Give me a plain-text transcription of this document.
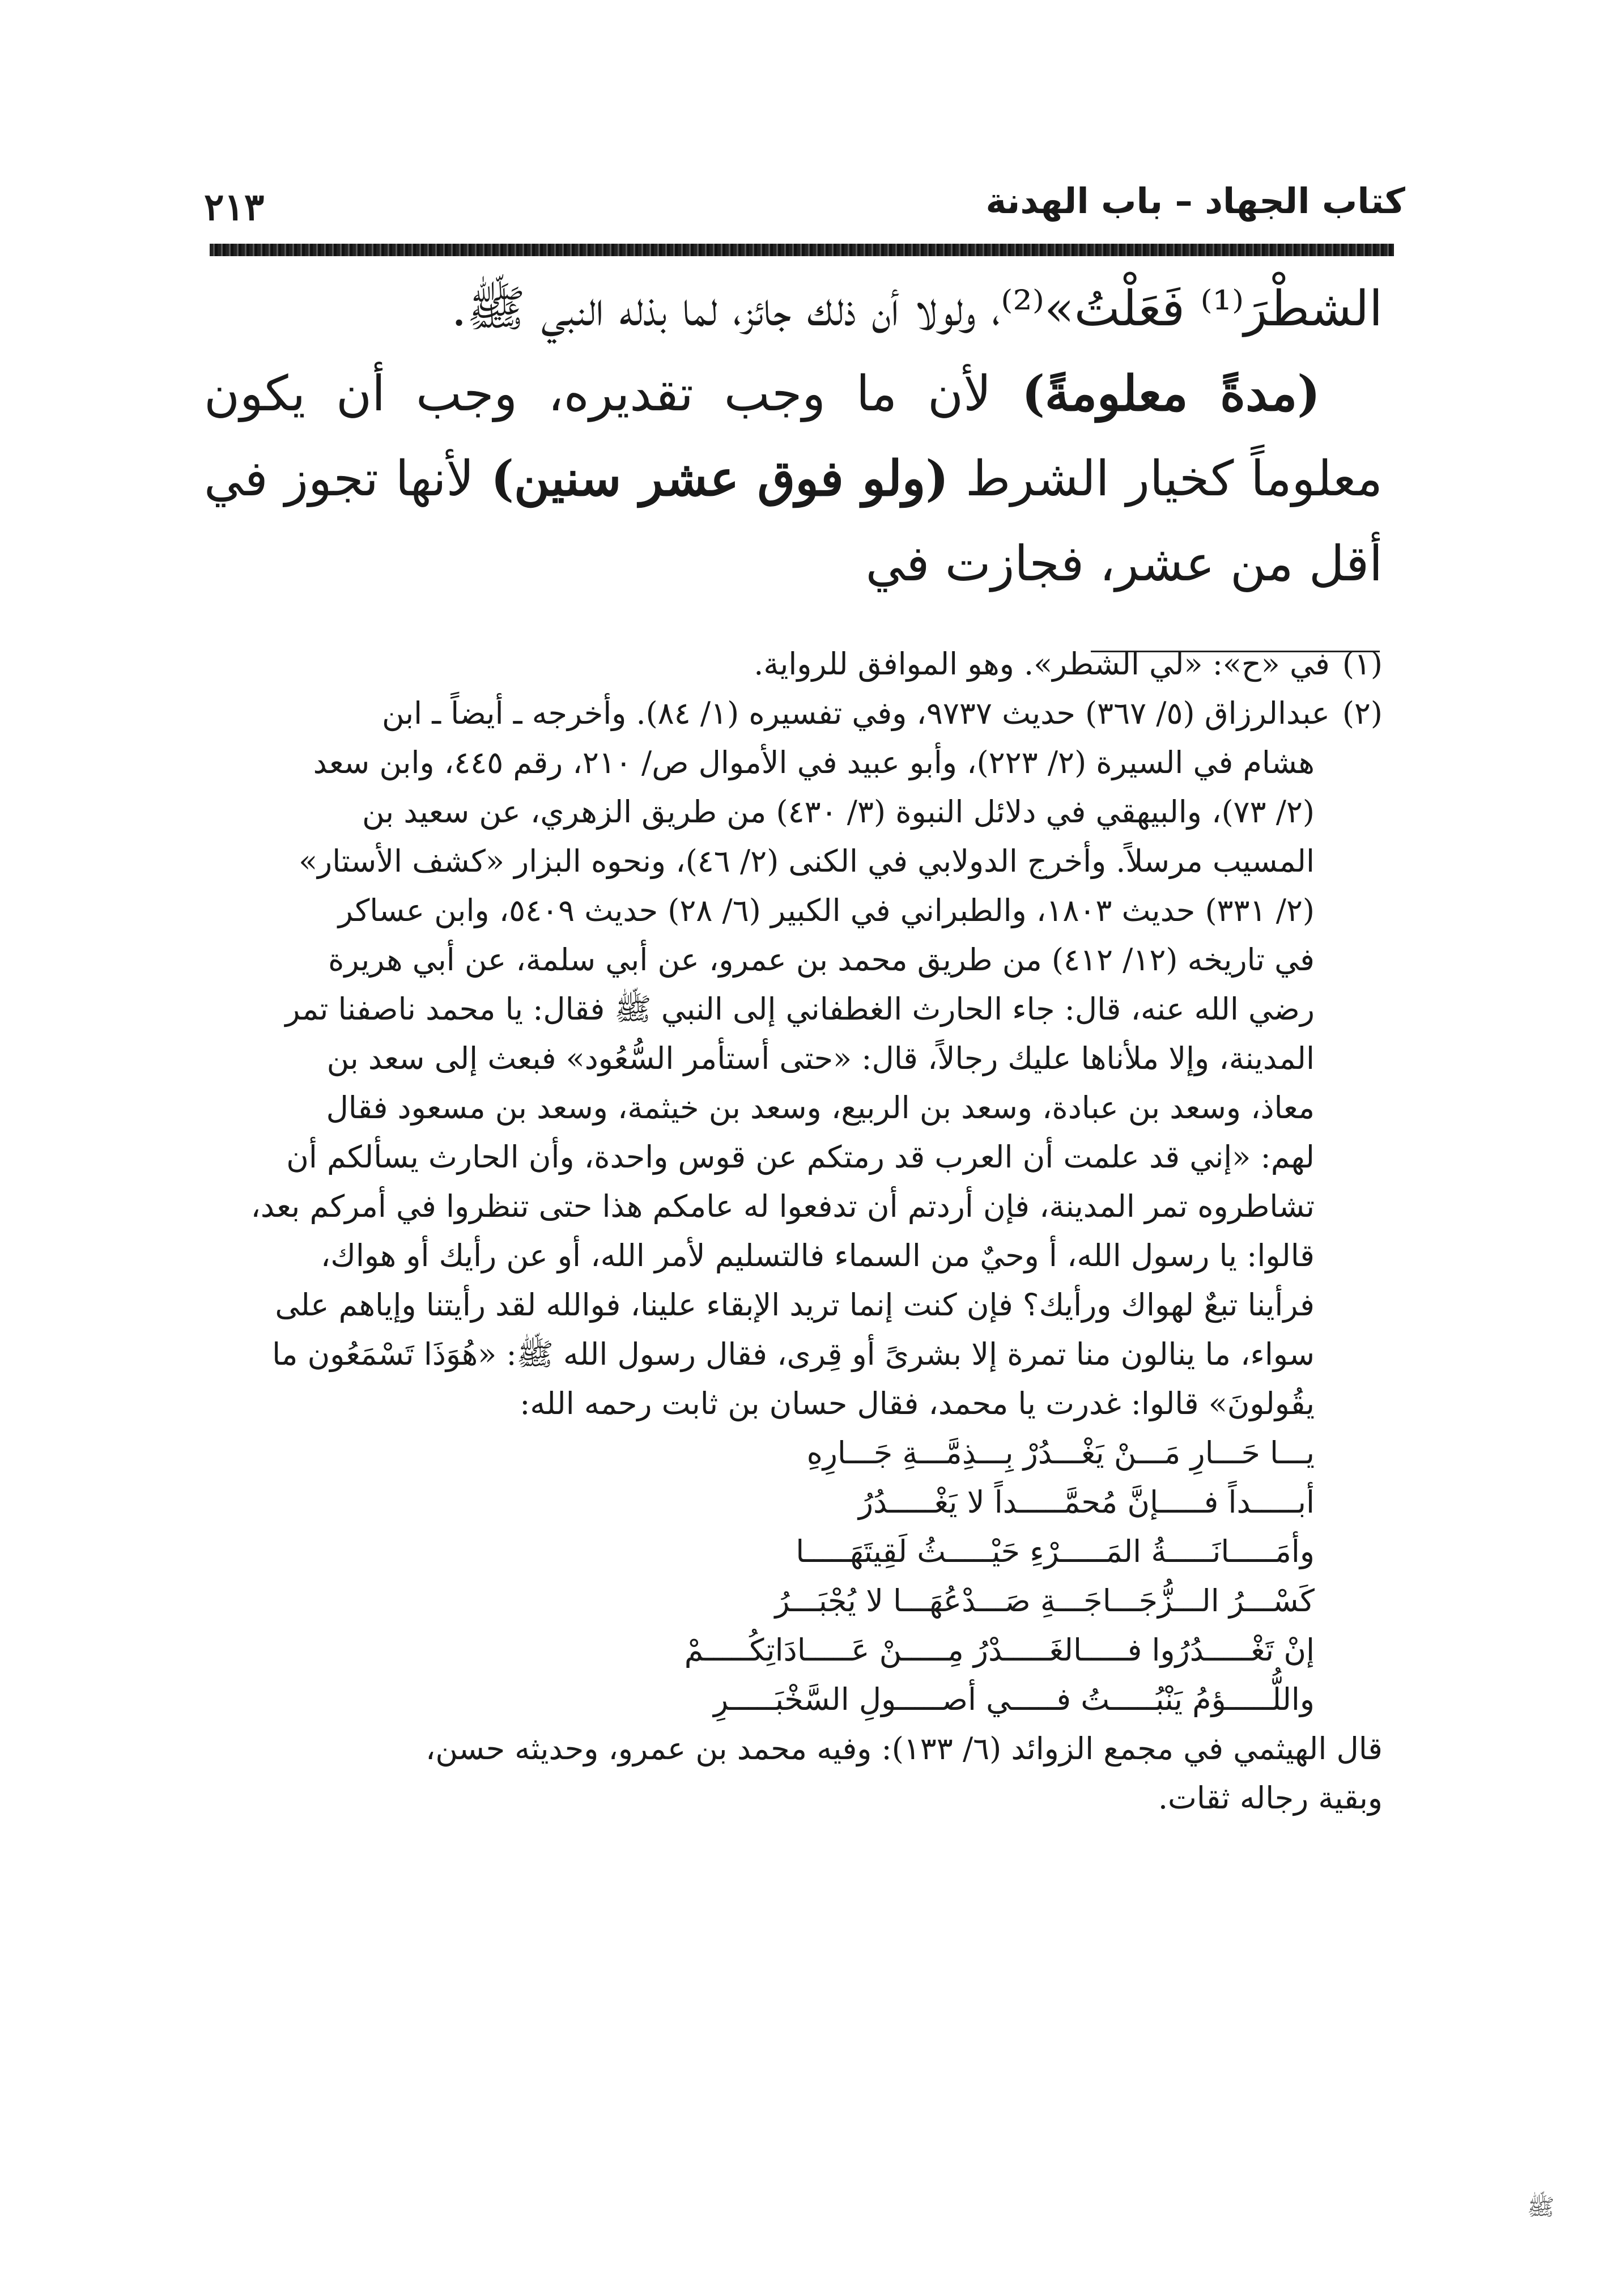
٢١٣	كتاب الجهاد – باب الهدنة

الشطْرَ⁽¹⁾ فَعَلْتُ»⁽²⁾، ولولا أن ذلك جائز، لما بذله النبي ﷺ.

(مدةً معلومةً) لأن ما وجب تقديره، وجب أن يكون معلوماً كخيار الشرط (ولو فوق عشر سنين) لأنها تجوز في أقل من عشر، فجازت في

(١)في «ح»: «لي الشطر». وهو الموافق للرواية.

(٢)عبدالرزاق (٥/ ٣٦٧) حديث ٩٧٣٧، وفي تفسيره (١/ ٨٤). وأخرجه ـ أيضاً ـ ابن

هشام في السيرة (٢/ ٢٢٣)، وأبو عبيد في الأموال ص/ ٢١٠، رقم ٤٤٥، وابن سعد

(٢/ ٧٣)، والبيهقي في دلائل النبوة (٣/ ٤٣٠) من طريق الزهري، عن سعيد بن

المسيب مرسلاً. وأخرج الدولابي في الكنى (٢/ ٤٦)، ونحوه البزار «كشف الأستار»

(٢/ ٣٣١) حديث ١٨٠٣، والطبراني في الكبير (٦/ ٢٨) حديث ٥٤٠٩، وابن عساكر

في تاريخه (١٢/ ٤١٢) من طريق محمد بن عمرو، عن أبي سلمة، عن أبي هريرة

رضي الله عنه، قال: جاء الحارث الغطفاني إلى النبي ﷺ فقال: يا محمد ناصفنا تمر

المدينة، وإلا ملأناها عليك رجالاً، قال: «حتى أستأمر السُّعُود» فبعث إلى سعد بن

معاذ، وسعد بن عبادة، وسعد بن الربيع، وسعد بن خيثمة، وسعد بن مسعود فقال

لهم: «إني قد علمت أن العرب قد رمتكم عن قوس واحدة، وأن الحارث يسألكم أن

تشاطروه تمر المدينة، فإن أردتم أن تدفعوا له عامكم هذا حتى تنظروا في أمركم بعد،

قالوا: يا رسول الله، أ وحيٌ من السماء فالتسليم لأمر الله، أو عن رأيك أو هواك،

فرأينا تبعٌ لهواك ورأيك؟ فإن كنت إنما تريد الإبقاء علينا، فوالله لقد رأيتنا وإياهم على

سواء، ما ينالون منا تمرة إلا بشرىً أو قِرى، فقال رسول الله ﷺ: «هُوَذَا تَسْمَعُون ما

يقُولونَ» قالوا: غدرت يا محمد، فقال حسان بن ثابت رحمه الله:

يـــا حَـــارِ مَـــنْ يَغْـــدُرْ بِـــذِمَّـــةِ جَـــارِهِ
أبـــــداً فـــــإنَّ مُحمَّـــــداً لا يَغْـــــدُرُ
وأمَـــــانَـــــةُ المَـــــرْءِ حَيْـــــثُ لَقِيتَهَـــــا
كَسْـــرُ الـــزُّجَـــاجَـــةِ صَـــدْعُهَـــا لا يُجْبَـــرُ
إنْ تَغْـــــدُرُوا فـــــالغَـــــدْرُ مِـــــنْ عَـــــادَاتِكُـــــمْ
واللُّـــــؤمُ يَنْبُـــــتُ فـــــي أصـــــولِ السَّخْبَـــــرِ

قال الهيثمي في مجمع الزوائد (٦/ ١٣٣): وفيه محمد بن عمرو، وحديثه حسن،

وبقية رجاله ثقات.

ﷺ
